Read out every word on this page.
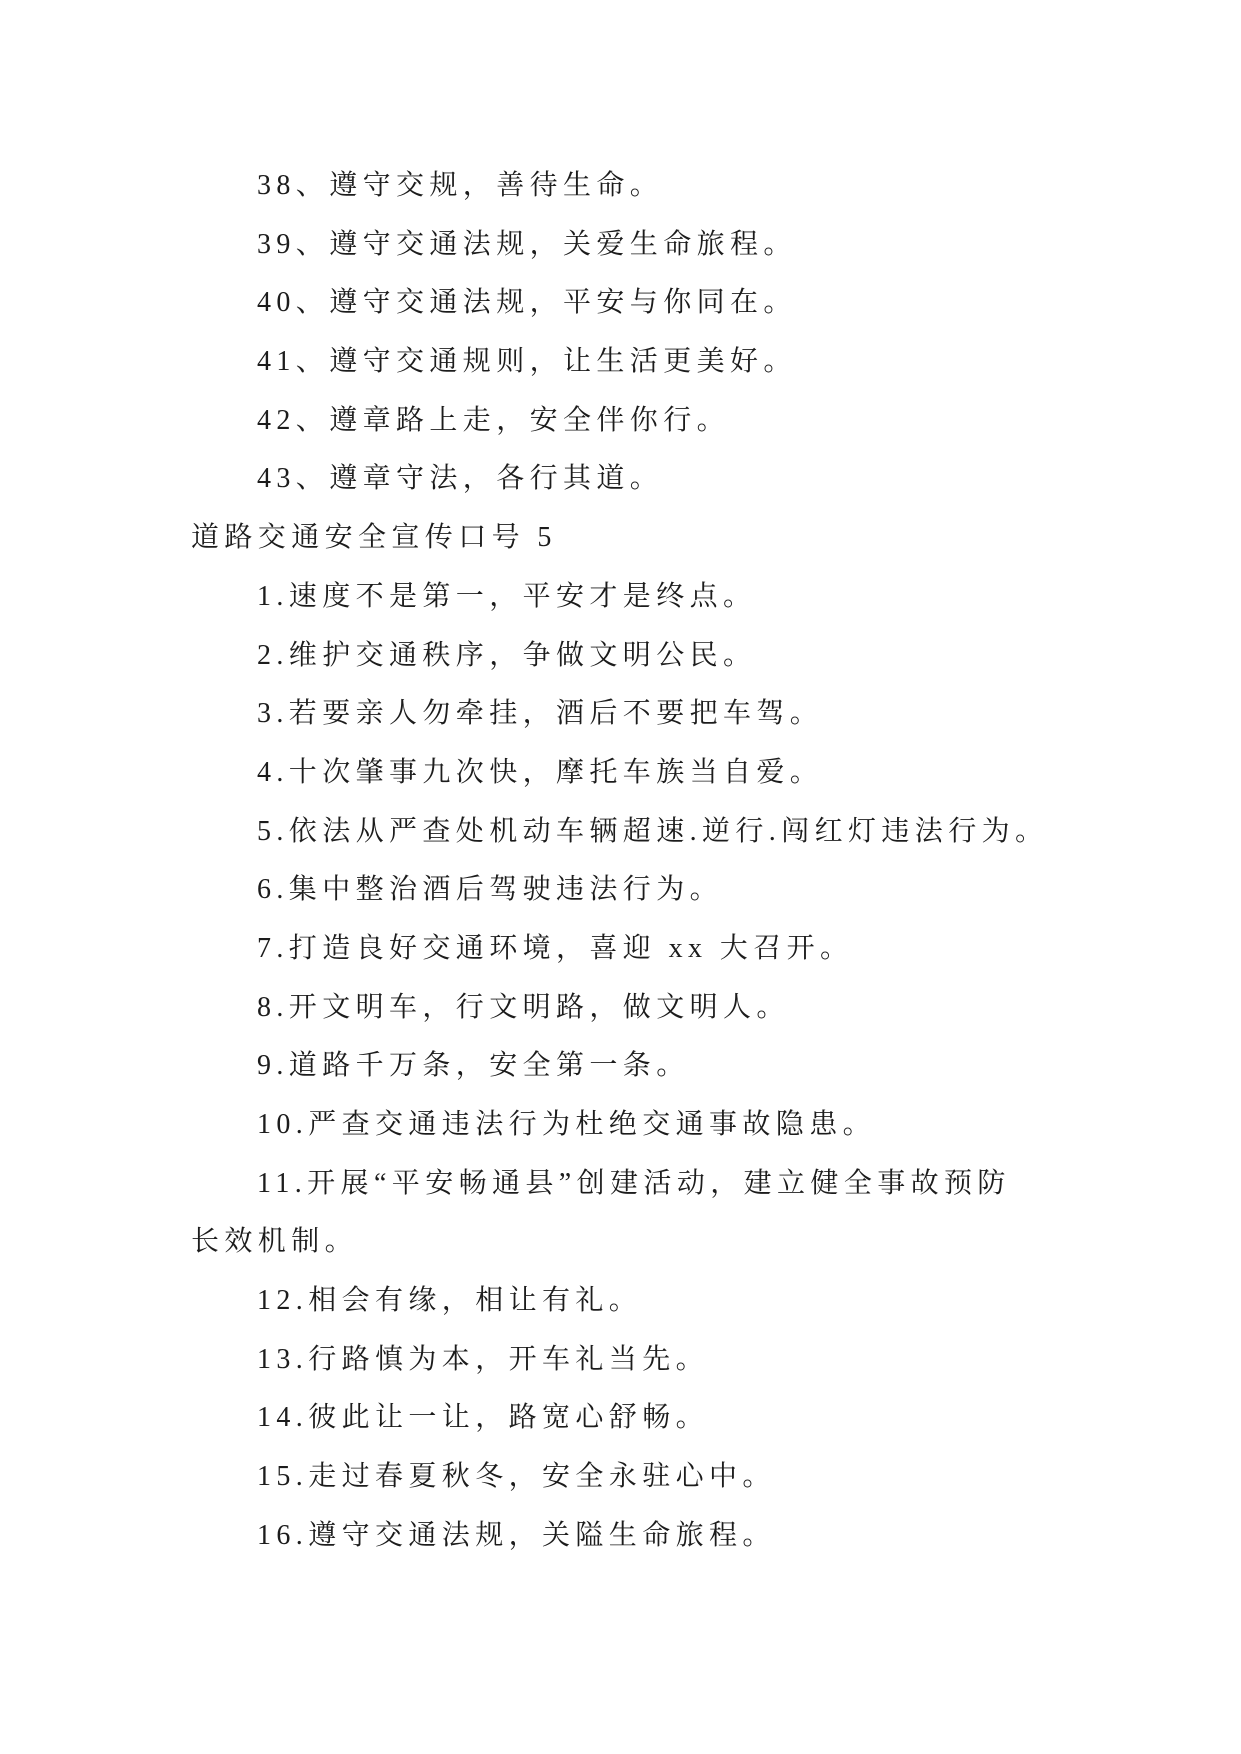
38、遵守交规，善待生命。

39、遵守交通法规，关爱生命旅程。

40、遵守交通法规，平安与你同在。

41、遵守交通规则，让生活更美好。

42、遵章路上走，安全伴你行。

43、遵章守法，各行其道。

道路交通安全宣传口号 5

1.速度不是第一，平安才是终点。

2.维护交通秩序，争做文明公民。

3.若要亲人勿牵挂，酒后不要把车驾。

4.十次肇事九次快，摩托车族当自爱。

5.依法从严查处机动车辆超速.逆行.闯红灯违法行为。

6.集中整治酒后驾驶违法行为。

7.打造良好交通环境，喜迎 xx 大召开。

8.开文明车，行文明路，做文明人。

9.道路千万条，安全第一条。

10.严查交通违法行为杜绝交通事故隐患。

11.开展“平安畅通县”创建活动，建立健全事故预防

长效机制。

12.相会有缘，相让有礼。

13.行路慎为本，开车礼当先。

14.彼此让一让，路宽心舒畅。

15.走过春夏秋冬，安全永驻心中。

16.遵守交通法规，关隘生命旅程。
